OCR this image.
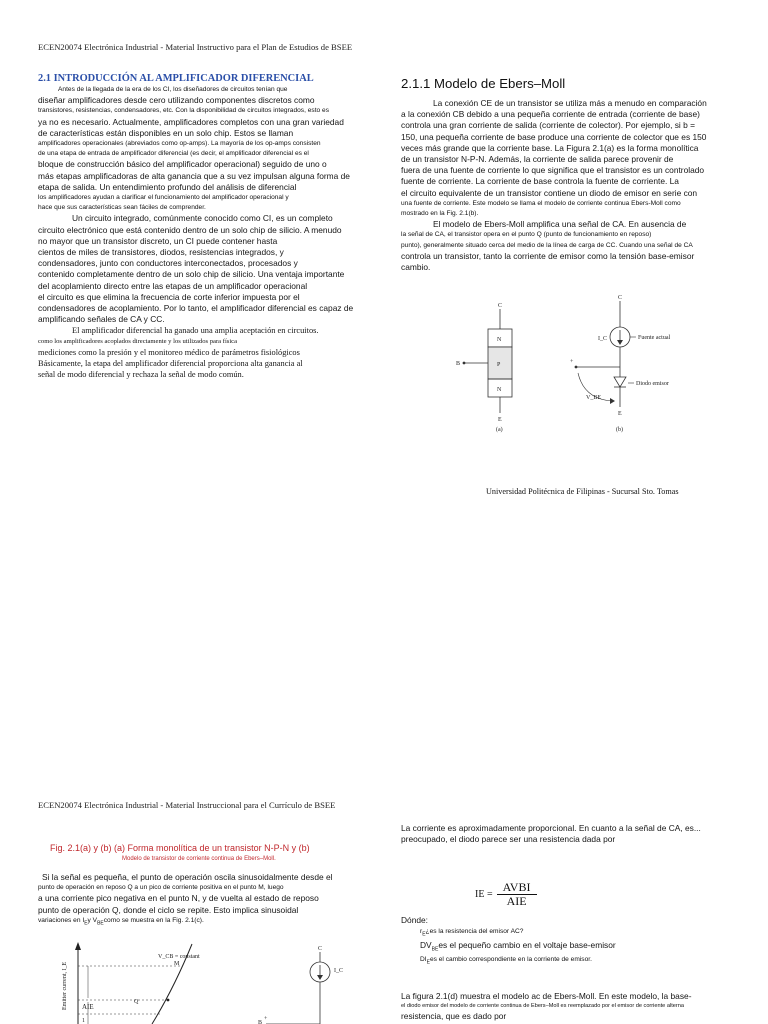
ECEN20074 Electrónica Industrial - Material Instructivo para el Plan de Estudios de BSEE
2.1 INTRODUCCIÓN AL AMPLIFICADOR DIFERENCIAL
Antes de la llegada de la era de los CI, los diseñadores de circuitos tenían que
diseñar amplificadores desde cero utilizando componentes discretos como
transistores, resistencias, condensadores, etc. Con la disponibilidad de circuitos integrados, esto es
ya no es necesario. Actualmente, amplificadores completos con una gran variedad
de características están disponibles en un solo chip. Estos se llaman
amplificadores operacionales (abreviados como op-amps). La mayoría de los op-amps consisten
de una etapa de entrada de amplificador diferencial (es decir, el amplificador diferencial es el
bloque de construcción básico del amplificador operacional) seguido de uno o
más etapas amplificadoras de alta ganancia que a su vez impulsan alguna forma de
etapa de salida. Un entendimiento profundo del análisis de diferencial
los amplificadores ayudan a clarificar el funcionamiento del amplificador operacional y
hace que sus características sean fáciles de comprender.
Un circuito integrado, comúnmente conocido como CI, es un completo
circuito electrónico que está contenido dentro de un solo chip de silicio. A menudo
no mayor que un transistor discreto, un CI puede contener hasta
cientos de miles de transistores, diodos, resistencias integrados, y
condensadores, junto con conductores interconectados, procesados y
contenido completamente dentro de un solo chip de silicio. Una ventaja importante
del acoplamiento directo entre las etapas de un amplificador operacional
el circuito es que elimina la frecuencia de corte inferior impuesta por el
condensadores de acoplamiento. Por lo tanto, el amplificador diferencial es capaz de
amplificando señales de CA y CC.
El amplificador diferencial ha ganado una amplia aceptación en circuitos.
como los amplificadores acoplados directamente y los utilizados para física
mediciones como la presión y el monitoreo médico de parámetros fisiológicos
Básicamente, la etapa del amplificador diferencial proporciona alta ganancia al
señal de modo diferencial y rechaza la señal de modo común.
2.1.1 Modelo de Ebers–Moll
La conexión CE de un transistor se utiliza más a menudo en comparación
a la conexión CB debido a una pequeña corriente de entrada (corriente de base)
controla una gran corriente de salida (corriente de colector). Por ejemplo, si b =
150, una pequeña corriente de base produce una corriente de colector que es 150
veces más grande que la corriente base. La Figura 2.1(a) es la forma monolítica
de un transistor N-P-N. Además, la corriente de salida parece provenir de
fuera de una fuente de corriente lo que significa que el transistor es un controlado
fuente de corriente. La corriente de base controla la fuente de corriente. La
el circuito equivalente de un transistor contiene un diodo de emisor en serie con
una fuente de corriente. Este modelo se llama el modelo de corriente continua Ebers-Moll como
mostrado en la Fig. 2.1(b).
El modelo de Ebers-Moll amplifica una señal de CA. En ausencia de
la señal de CA, el transistor opera en el punto Q (punto de funcionamiento en reposo)
punto), generalmente situado cerca del medio de la línea de carga de CC. Cuando una señal de CA
controla un transistor, tanto la corriente de emisor como la tensión base-emisor
cambio.
C
N
P
N
B
E
(a)
C
I_C	Fuente actual
+
Diodo emisor
V_BE
E
(b)
Universidad Politécnica de Filipinas - Sucursal Sto. Tomas
ECEN20074 Electrónica Industrial - Material Instruccional para el Currículo de BSEE
Fig. 2.1(a) y (b) (a) Forma monolítica de un transistor N-P-N y (b)
Modelo de transistor de corriente continua de Ebers–Moll.
Si la señal es pequeña, el punto de operación oscila sinusoidalmente desde el
punto de operación en reposo Q a un pico de corriente positiva en el punto M, luego
a una corriente pico negativa en el punto N, y de vuelta al estado de reposo
punto de operación Q, donde el ciclo se repite. Esto implica sinusoidal
variaciones en $I_Ey$ $V_{BE}como$ se muestra en la Fig. 2.1(c).
Emitter current, I_E
V_CB = constant
M
Q
AIE
1
C
I_C
+
B
La corriente es aproximadamente proporcional. En cuanto a la señal de CA, es...
preocupado, el diodo parece ser una resistencia dada por
IE =
AVBI
AIE
Dónde:
$r_E¿es$ la resistencia del emisor AC?
$DV_{BE}es$ el pequeño cambio en el voltaje base-emisor
$DI_Ees$ el cambio correspondiente en la corriente de emisor.
La figura 2.1(d) muestra el modelo ac de Ebers-Moll. En este modelo, la base-
el diodo emisor del modelo de corriente continua de Ebers–Moll es reemplazado por el emisor de corriente alterna
resistencia, que es dado por
